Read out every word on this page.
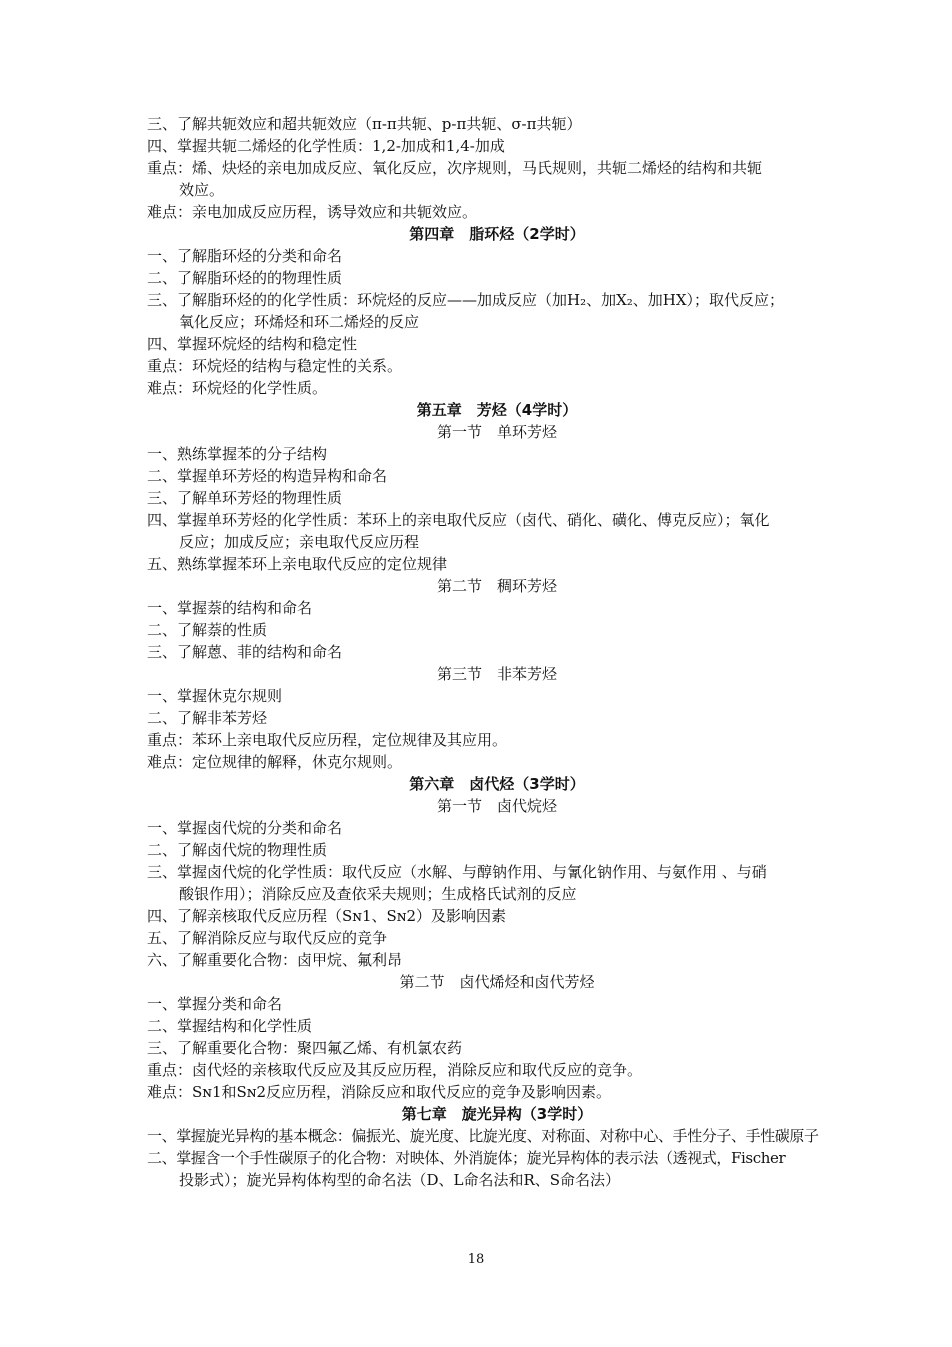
三、了解共轭效应和超共轭效应（π-π共轭、p-π共轭、σ-π共轭）
四、掌握共轭二烯烃的化学性质：1,2-加成和1,4-加成
重点：烯、炔烃的亲电加成反应、氧化反应，次序规则，马氏规则，共轭二烯烃的结构和共轭
效应。
难点：亲电加成反应历程，诱导效应和共轭效应。
第四章　脂环烃（2学时）
一、了解脂环烃的分类和命名
二、了解脂环烃的的物理性质
三、了解脂环烃的的化学性质：环烷烃的反应——加成反应（加H₂、加X₂、加HX）；取代反应；
氧化反应；环烯烃和环二烯烃的反应
四、掌握环烷烃的结构和稳定性
重点：环烷烃的结构与稳定性的关系。
难点：环烷烃的化学性质。
第五章　芳烃（4学时）
第一节　单环芳烃
一、熟练掌握苯的分子结构
二、掌握单环芳烃的构造异构和命名
三、了解单环芳烃的物理性质
四、掌握单环芳烃的化学性质：苯环上的亲电取代反应（卤代、硝化、磺化、傅克反应）；氧化
反应；加成反应；亲电取代反应历程
五、熟练掌握苯环上亲电取代反应的定位规律
第二节　稠环芳烃
一、掌握萘的结构和命名
二、了解萘的性质
三、了解蒽、菲的结构和命名
第三节　非苯芳烃
一、掌握休克尔规则
二、了解非苯芳烃
重点：苯环上亲电取代反应历程，定位规律及其应用。
难点：定位规律的解释，休克尔规则。
第六章　卤代烃（3学时）
第一节　卤代烷烃
一、掌握卤代烷的分类和命名
二、了解卤代烷的物理性质
三、掌握卤代烷的化学性质：取代反应（水解、与醇钠作用、与氰化钠作用、与氨作用 、与硝
酸银作用）；消除反应及查依采夫规则；生成格氏试剂的反应
四、了解亲核取代反应历程（Sɴ1、Sɴ2）及影响因素
五、了解消除反应与取代反应的竞争
六、了解重要化合物：卤甲烷、氟利昂
第二节　卤代烯烃和卤代芳烃
一、掌握分类和命名
二、掌握结构和化学性质
三、了解重要化合物：聚四氟乙烯、有机氯农药
重点：卤代烃的亲核取代反应及其反应历程，消除反应和取代反应的竞争。
难点：Sɴ1和Sɴ2反应历程，消除反应和取代反应的竞争及影响因素。
第七章　旋光异构（3学时）
一、掌握旋光异构的基本概念：偏振光、旋光度、比旋光度、对称面、对称中心、手性分子、手性碳原子
二、掌握含一个手性碳原子的化合物：对映体、外消旋体；旋光异构体的表示法（透视式，Fischer
投影式）；旋光异构体构型的命名法（D、L命名法和R、S命名法）
18
